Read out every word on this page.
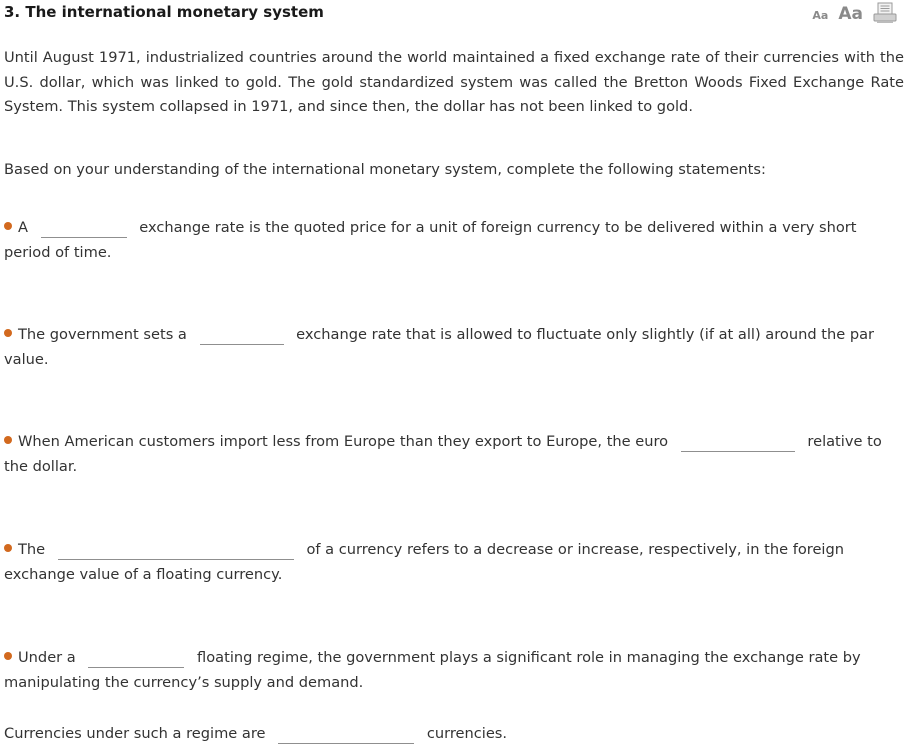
3. The international monetary system	Aa Aa
Until August 1971, industrialized countries around the world maintained a fixed exchange rate of their currencies with the U.S. dollar, which was linked to gold. The gold standardized system was called the Bretton Woods Fixed Exchange Rate System. This system collapsed in 1971, and since then, the dollar has not been linked to gold.
Based on your understanding of the international monetary system, complete the following statements:
A	exchange rate is the quoted price for a unit of foreign currency to be delivered within a very short period of time.
The government sets a	exchange rate that is allowed to fluctuate only slightly (if at all) around the par value.
When American customers import less from Europe than they export to Europe, the euro	relative to the dollar.
The	of a currency refers to a decrease or increase, respectively, in the foreign exchange value of a floating currency.
Under a	floating regime, the government plays a significant role in managing the exchange rate by manipulating the currency’s supply and demand.
Currencies under such a regime are	currencies.
